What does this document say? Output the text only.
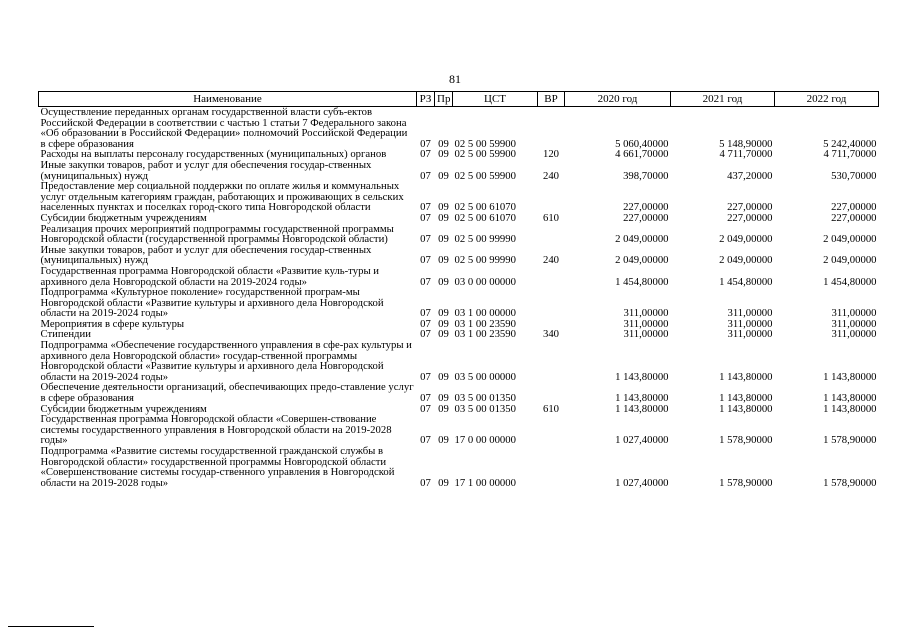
81
Наименование	РЗ	Пр	ЦСТ	ВР	2020 год	2021 год	2022 год
Осуществление переданных органам государственной власти субъ-ектов Российской Федерации в соответствии с частью 1 статьи 7 Федерального закона «Об образовании в Российской Федерации» полномочий Российской Федерации в сфере образования	07	09	02 5 00 59900		5 060,40000	5 148,90000	5 242,40000
Расходы на выплаты персоналу государственных (муниципальных) органов	07	09	02 5 00 59900	120	4 661,70000	4 711,70000	4 711,70000
Иные закупки товаров, работ и услуг для обеспечения государ-ственных (муниципальных) нужд	07	09	02 5 00 59900	240	398,70000	437,20000	530,70000
Предоставление мер социальной поддержки по оплате жилья и коммунальных услуг отдельным категориям граждан, работающих и проживающих в сельских населенных пунктах и поселках город-ского типа Новгородской области	07	09	02 5 00 61070		227,00000	227,00000	227,00000
Субсидии бюджетным учреждениям	07	09	02 5 00 61070	610	227,00000	227,00000	227,00000
Реализация прочих мероприятий подпрограммы государственной программы Новгородской области (государственной программы Новгородской области)	07	09	02 5 00 99990		2 049,00000	2 049,00000	2 049,00000
Иные закупки товаров, работ и услуг для обеспечения государ-ственных (муниципальных) нужд	07	09	02 5 00 99990	240	2 049,00000	2 049,00000	2 049,00000
Государственная программа Новгородской области «Развитие куль-туры и архивного дела Новгородской области на 2019-2024 годы»	07	09	03 0 00 00000		1 454,80000	1 454,80000	1 454,80000
Подпрограмма «Культурное поколение» государственной програм-мы Новгородской области «Развитие культуры и архивного дела Новгородской области на 2019-2024 годы»	07	09	03 1 00 00000		311,00000	311,00000	311,00000
Мероприятия в сфере культуры	07	09	03 1 00 23590		311,00000	311,00000	311,00000
Стипендии	07	09	03 1 00 23590	340	311,00000	311,00000	311,00000
Подпрограмма «Обеспечение государственного управления в сфе-рах культуры и архивного дела Новгородской области» государ-ственной программы Новгородской области «Развитие культуры и архивного дела Новгородской области на 2019-2024 годы»	07	09	03 5 00 00000		1 143,80000	1 143,80000	1 143,80000
Обеспечение деятельности организаций, обеспечивающих предо-ставление услуг в сфере образования	07	09	03 5 00 01350		1 143,80000	1 143,80000	1 143,80000
Субсидии бюджетным учреждениям	07	09	03 5 00 01350	610	1 143,80000	1 143,80000	1 143,80000
Государственная программа Новгородской области «Совершен-ствование системы государственного управления в Новгородской области на 2019-2028 годы»	07	09	17 0 00 00000		1 027,40000	1 578,90000	1 578,90000
Подпрограмма «Развитие системы государственной гражданской службы в Новгородской области» государственной программы Новгородской области «Совершенствование системы государ-ственного управления в Новгородской области на 2019-2028 годы»	07	09	17 1 00 00000		1 027,40000	1 578,90000	1 578,90000
